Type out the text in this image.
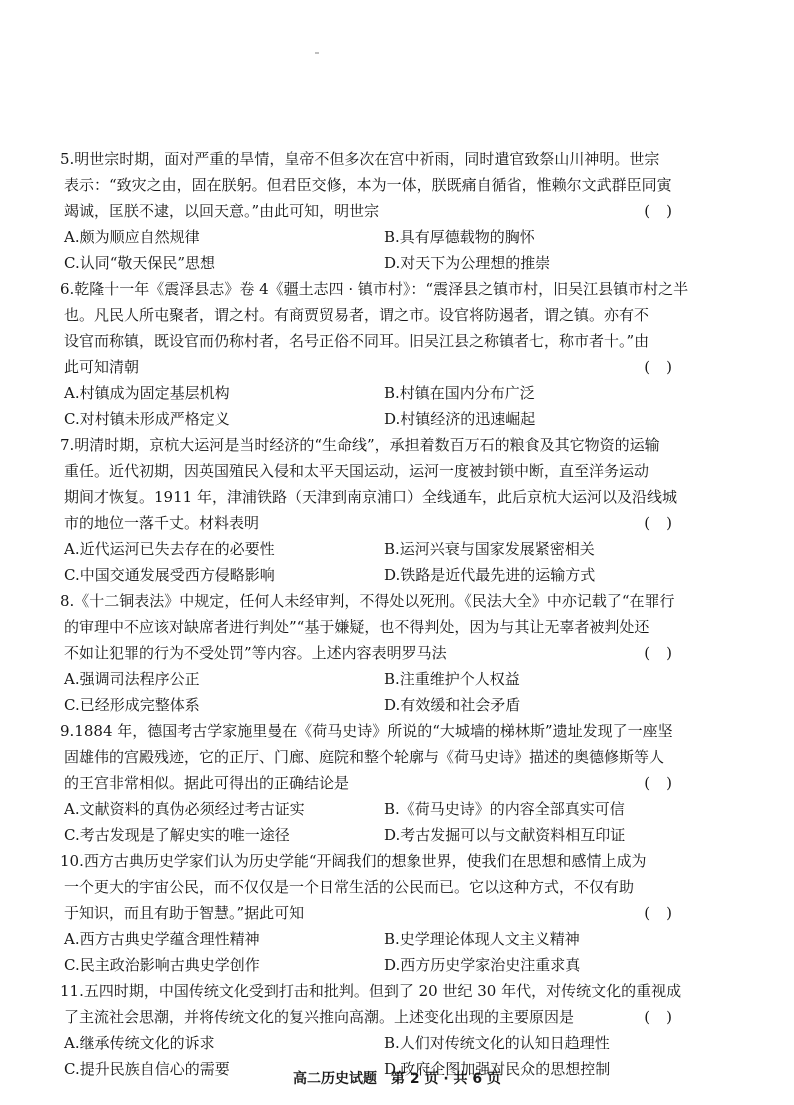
5.明世宗时期，面对严重的旱情，皇帝不但多次在宫中祈雨，同时遣官致祭山川神明。世宗
表示：“致灾之由，固在朕躬。但君臣交修，本为一体，朕既痛自循省，惟赖尔文武群臣同寅
竭诚，匡朕不逮，以回天意。”由此可知，明世宗	()
A.颇为顺应自然规律	B.具有厚德载物的胸怀
C.认同“敬天保民”思想	D.对天下为公理想的推崇
6.乾隆十一年《震泽县志》卷 4《疆土志四 · 镇市村》：“震泽县之镇市村，旧吴江县镇市村之半
也。凡民人所屯聚者，谓之村。有商贾贸易者，谓之市。设官将防遏者，谓之镇。亦有不
设官而称镇，既设官而仍称村者，名号正俗不同耳。旧吴江县之称镇者七，称市者十。”由
此可知清朝	()
A.村镇成为固定基层机构	B.村镇在国内分布广泛
C.对村镇未形成严格定义	D.村镇经济的迅速崛起
7.明清时期，京杭大运河是当时经济的“生命线”，承担着数百万石的粮食及其它物资的运输
重任。近代初期，因英国殖民入侵和太平天国运动，运河一度被封锁中断，直至洋务运动
期间才恢复。1911 年，津浦铁路（天津到南京浦口）全线通车，此后京杭大运河以及沿线城
市的地位一落千丈。材料表明	()
A.近代运河已失去存在的必要性	B.运河兴衰与国家发展紧密相关
C.中国交通发展受西方侵略影响	D.铁路是近代最先进的运输方式
8.《十二铜表法》中规定，任何人未经审判，不得处以死刑。《民法大全》中亦记载了“在罪行
的审理中不应该对缺席者进行判处”“基于嫌疑，也不得判处，因为与其让无辜者被判处还
不如让犯罪的行为不受处罚”等内容。上述内容表明罗马法	()
A.强调司法程序公正	B.注重维护个人权益
C.已经形成完整体系	D.有效缓和社会矛盾
9.1884 年，德国考古学家施里曼在《荷马史诗》所说的“大城墙的梯林斯”遗址发现了一座坚
固雄伟的宫殿残迹，它的正厅、门廊、庭院和整个轮廓与《荷马史诗》描述的奥德修斯等人
的王宫非常相似。据此可得出的正确结论是	()
A.文献资料的真伪必须经过考古证实	B.《荷马史诗》的内容全部真实可信
C.考古发现是了解史实的唯一途径	D.考古发掘可以与文献资料相互印证
10.西方古典历史学家们认为历史学能“开阔我们的想象世界，使我们在思想和感情上成为
一个更大的宇宙公民，而不仅仅是一个日常生活的公民而已。它以这种方式，不仅有助
于知识，而且有助于智慧。”据此可知	()
A.西方古典史学蕴含理性精神	B.史学理论体现人文主义精神
C.民主政治影响古典史学创作	D.西方历史学家治史注重求真
11.五四时期，中国传统文化受到打击和批判。但到了 20 世纪 30 年代，对传统文化的重视成
了主流社会思潮，并将传统文化的复兴推向高潮。上述变化出现的主要原因是	()
A.继承传统文化的诉求	B.人们对传统文化的认知日趋理性
C.提升民族自信心的需要	D.政府企图加强对民众的思想控制
高二历史试题　第 2 页 · 共 6 页
